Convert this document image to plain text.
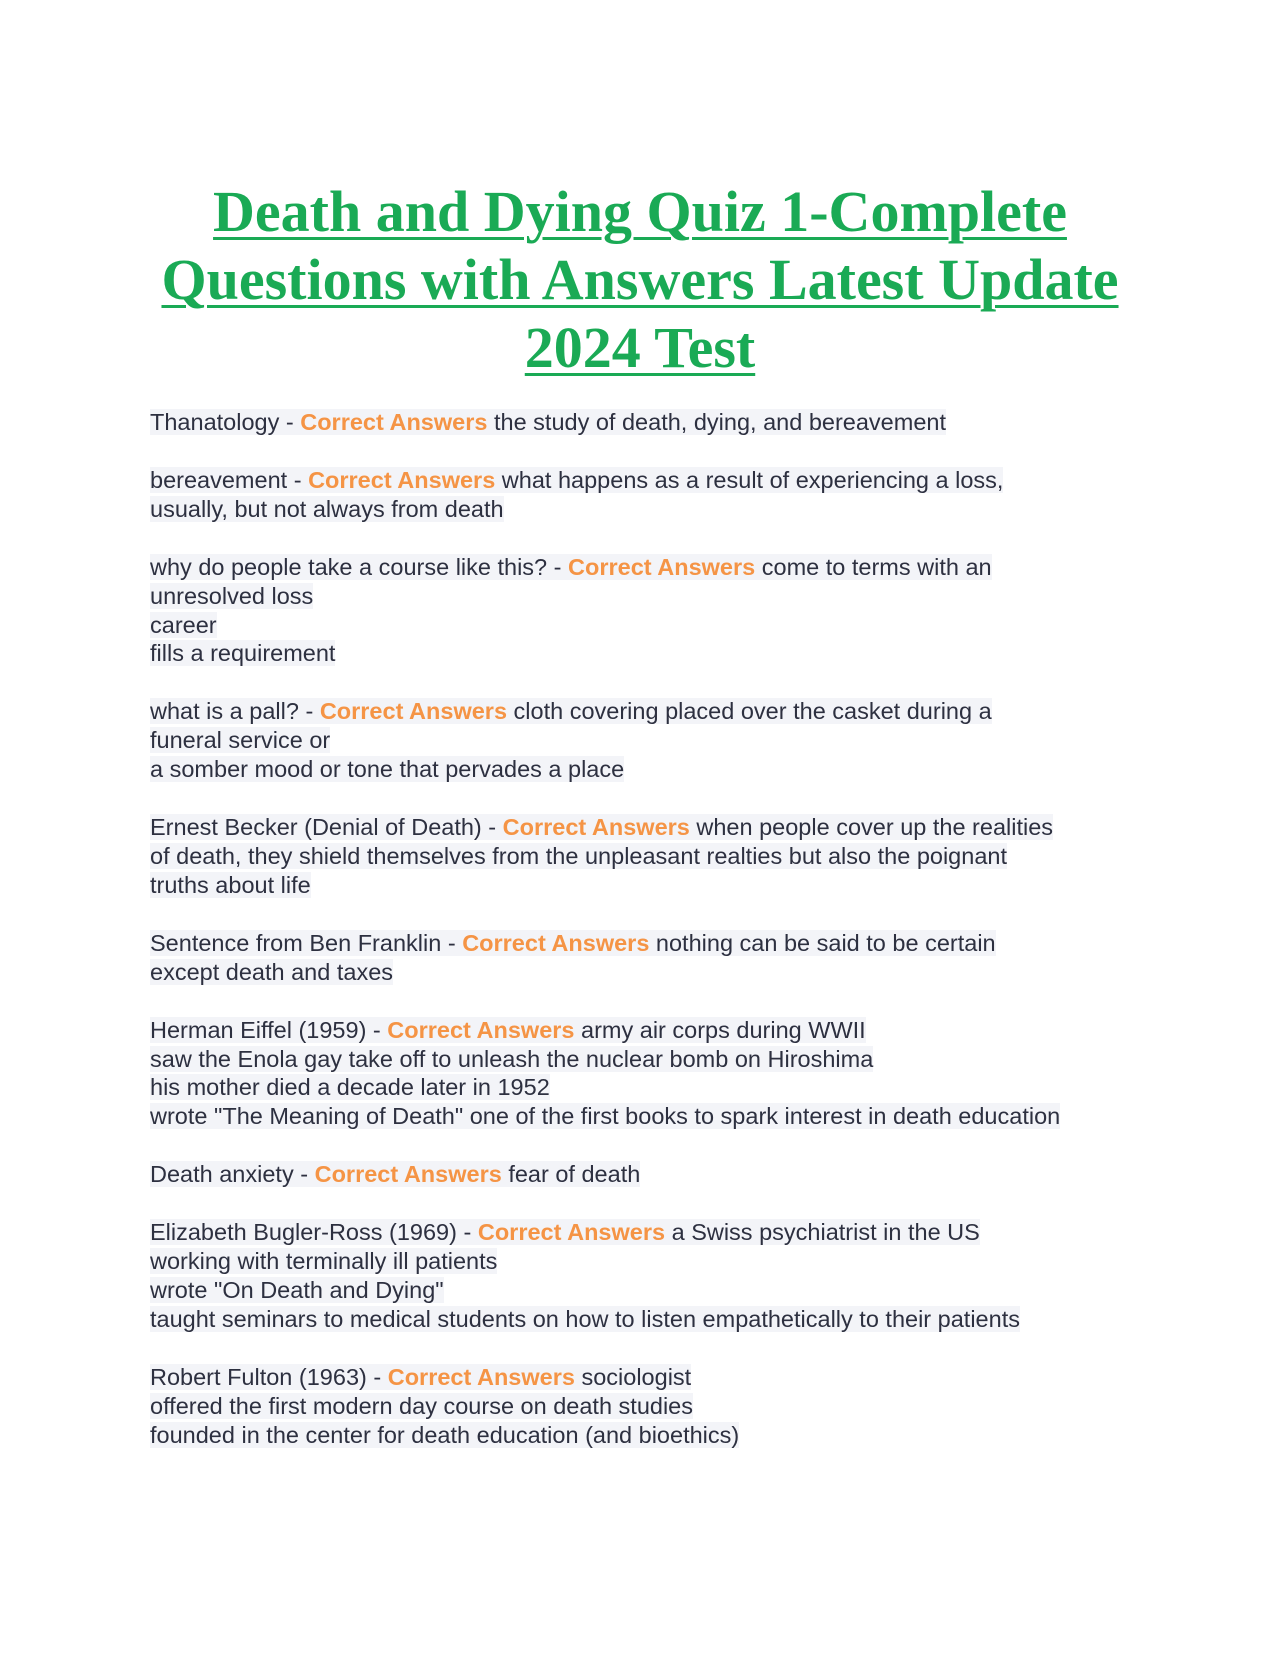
Death and Dying Quiz 1-Complete Questions with Answers Latest Update 2024 Test
Thanatology - Correct Answers the study of death, dying, and bereavement
bereavement - Correct Answers what happens as a result of experiencing a loss,
usually, but not always from death
why do people take a course like this? - Correct Answers come to terms with an
unresolved loss
career
fills a requirement
what is a pall? - Correct Answers cloth covering placed over the casket during a
funeral service or
a somber mood or tone that pervades a place
Ernest Becker (Denial of Death) - Correct Answers when people cover up the realities
of death, they shield themselves from the unpleasant realties but also the poignant
truths about life
Sentence from Ben Franklin - Correct Answers nothing can be said to be certain
except death and taxes
Herman Eiffel (1959) - Correct Answers army air corps during WWII
saw the Enola gay take off to unleash the nuclear bomb on Hiroshima
his mother died a decade later in 1952
wrote "The Meaning of Death" one of the first books to spark interest in death education
Death anxiety - Correct Answers fear of death
Elizabeth Bugler-Ross (1969) - Correct Answers a Swiss psychiatrist in the US
working with terminally ill patients
wrote "On Death and Dying"
taught seminars to medical students on how to listen empathetically to their patients
Robert Fulton (1963) - Correct Answers sociologist
offered the first modern day course on death studies
founded in the center for death education (and bioethics)
